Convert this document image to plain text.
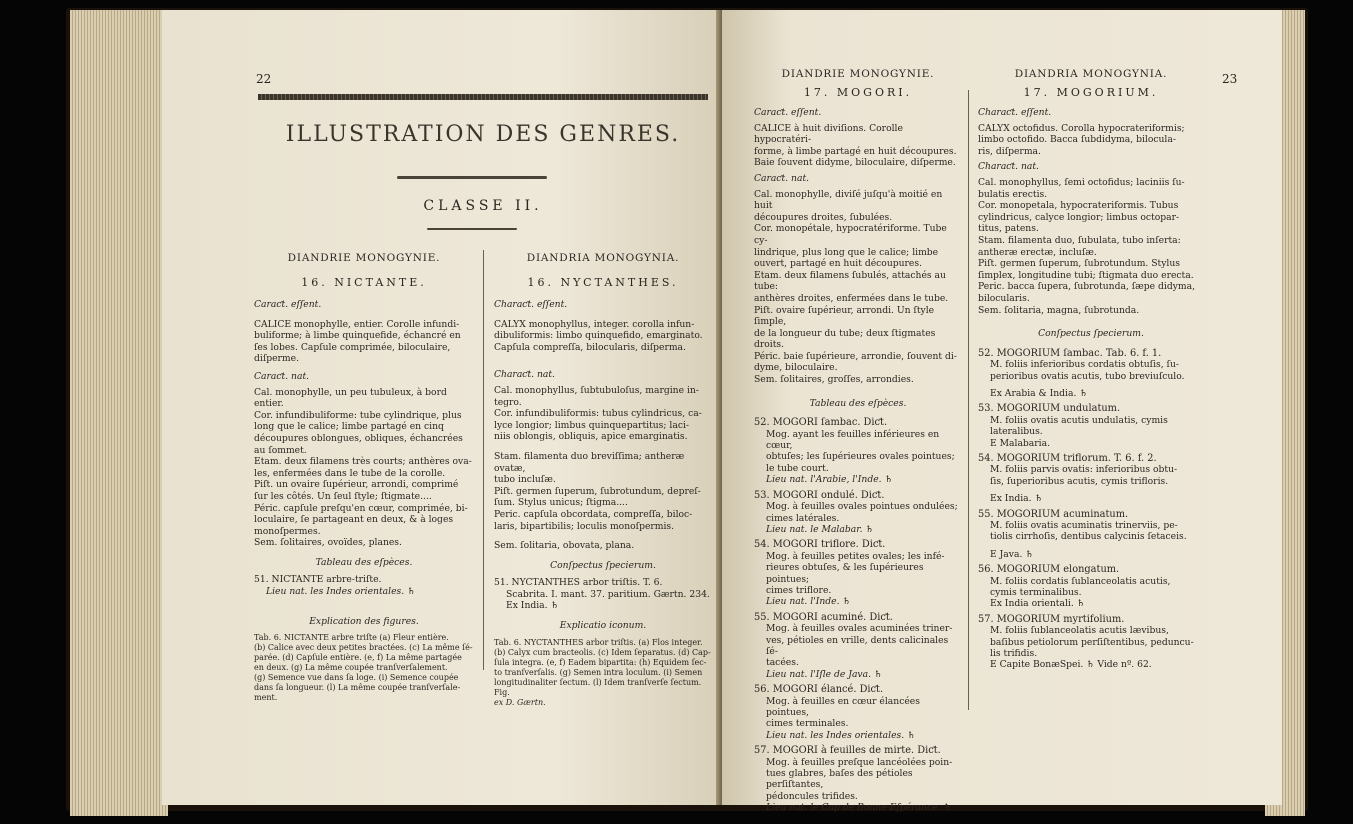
22
ILLUSTRATION DES GENRES.
CLASSE II.
DIANDRIE MONOGYNIE.
16. NICTANTE.
Caraƈt. eſſent.
CALICE monophylle, entier. Corolle infundi-
buliforme; à limbe quinquefide, échancré en
ſes lobes. Capſule comprimée, biloculaire,
diſperme.
Caraƈt. nat.
Cal. monophylle, un peu tubuleux, à bord
entier.
Cor. infundibuliforme: tube cylindrique, plus
long que le calice; limbe partagé en cinq
découpures oblongues, obliques, échancrées
au ſommet.
Etam. deux filamens très courts; anthères ova-
les, enfermées dans le tube de la corolle.
Piſt. un ovaire ſupérieur, arrondi, comprimé
ſur les côtés. Un ſeul ſtyle; ſtigmate....
Péric. capſule preſqu'en cœur, comprimée, bi-
loculaire, ſe partageant en deux, & à loges
monoſpermes.
Sem. ſolitaires, ovoïdes, planes.
Tableau des eſpèces.
51. NICTANTE arbre-triſte.
Lieu nat. les Indes orientales. ♄
Explication des figures.
Tab. 6. NICTANTE arbre triſte (a) Fleur entière.
(b) Calice avec deux petites bractées. (c) La même ſé-
parée. (d) Capſule entière. (e, f) La même partagée
en deux. (g) La même coupée tranſverſalement.
(g) Semence vue dans ſa loge. (i) Semence coupée
dans ſa longueur. (l) La même coupée tranſverſale-
ment.
DIANDRIA MONOGYNIA.
16. NYCTANTHES.
Charaƈt. eſſent.
CALYX monophyllus, integer. corolla infun-
dibuliformis: limbo quinquefido, emarginato.
Capſula compreſſa, bilocularis, diſperma.
Charaƈt. nat.
Cal. monophyllus, ſubtubuloſus, margine in-
tegro.
Cor. infundibuliformis: tubus cylindricus, ca-
lyce longior; limbus quinquepartitus; laci-
niis oblongis, obliquis, apice emarginatis.
Stam. filamenta duo breviſſima; antheræ ovatæ,
tubo incluſæ.
Piſt. germen ſuperum, ſubrotundum, depreſ-
ſum. Stylus unicus; ſtigma....
Peric. capſula obcordata, compreſſa, biloc-
laris, bipartibilis; loculis monoſpermis.
Sem. ſolitaria, obovata, plana.
Conſpectus ſpecierum.
51. NYCTANTHES arbor triſtis. T. 6.
Scabrita. I. mant. 37. paritium. Gærtn. 234.
Ex India. ♄
Explicatio iconum.
Tab. 6. NYCTANTHES arbor triſtis. (a) Flos integer.
(b) Calyx cum bracteolis. (c) Idem ſeparatus. (d) Cap-
ſula integra. (e, f) Eadem bipartita: (h) Equidem ſec-
to tranſverſalis. (g) Semen intra loculum. (i) Semen
longitudinaliter ſectum. (l) Idem tranſverſe ſectum. Fig.
ex D. Gærtn.
23
DIANDRIE MONOGYNIE.
17. MOGORI.
Caraƈt. eſſent.
CALICE à huit diviſions. Corolle hypocratéri-
forme, à limbe partagé en huit découpures.
Baie ſouvent didyme, biloculaire, diſperme.
Caraƈt. nat.
Cal. monophylle, diviſé juſqu'à moitié en huit
découpures droites, ſubulées.
Cor. monopétale, hypocratériforme. Tube cy-
lindrique, plus long que le calice; limbe
ouvert, partagé en huit découpures.
Etam. deux filamens ſubulés, attachés au tube:
anthères droites, enfermées dans le tube.
Piſt. ovaire ſupérieur, arrondi. Un ſtyle ſimple,
de la longueur du tube; deux ſtigmates droits.
Péric. baie ſupérieure, arrondie, ſouvent di-
dyme, biloculaire.
Sem. ſolitaires, groſſes, arrondies.
Tableau des eſpèces.
52. MOGORI ſambac. Diƈt.
Mog. ayant les feuilles inférieures en cœur,
obtuſes; les ſupérieures ovales pointues;
le tube court.
Lieu nat. l'Arabie, l'Inde. ♄
53. MOGORI ondulé. Diƈt.
Mog. à feuilles ovales pointues ondulées;
cimes latérales.
Lieu nat. le Malabar. ♄
54. MOGORI triflore. Diƈt.
Mog. à feuilles petites ovales; les infé-
rieures obtuſes, & les ſupérieures pointues;
cimes triflore.
Lieu nat. l'Inde. ♄
55. MOGORI acuminé. Diƈt.
Mog. à feuilles ovales acuminées triner-
ves, pétioles en vrille, dents calicinales ſé-
tacées.
Lieu nat. l'Iſle de Java. ♄
56. MOGORI élancé. Diƈt.
Mog. à feuilles en cœur élancées pointues,
cimes terminales.
Lieu nat. les Indes orientales. ♄
57. MOGORI à feuilles de mirte. Diƈt.
Mog. à feuilles preſque lancéolées poin-
tues glabres, baſes des pétioles perſiſtantes,
pédoncules trifides.
Lieu nat. le Cap de Bonne-Eſpérance. ♄
DIANDRIA MONOGYNIA.
17. MOGORIUM.
Charaƈt. eſſent.
CALYX octofidus. Corolla hypocrateriformis;
limbo octofido. Bacca ſubdidyma, bilocula-
ris, diſperma.
Charaƈt. nat.
Cal. monophyllus, ſemi octofidus; laciniis ſu-
bulatis erectis.
Cor. monopetala, hypocrateriformis. Tubus
cylindricus, calyce longior; limbus octopar-
titus, patens.
Stam. filamenta duo, ſubulata, tubo inſerta:
antheræ erectæ, incluſæ.
Piſt. germen ſuperum, ſubrotundum. Stylus
ſimplex, longitudine tubi; ſtigmata duo erecta.
Peric. bacca ſupera, ſubrotunda, ſæpe didyma,
bilocularis.
Sem. ſolitaria, magna, ſubrotunda.
Conſpectus ſpecierum.
52. MOGORIUM ſambac. Tab. 6. f. 1.
M. foliis inferioribus cordatis obtuſis, ſu-
perioribus ovatis acutis, tubo breviuſculo.
Ex Arabia & India. ♄
53. MOGORIUM undulatum.
M. foliis ovatis acutis undulatis, cymis
lateralibus.
E Malabaria.
54. MOGORIUM triflorum. T. 6. f. 2.
M. foliis parvis ovatis: inferioribus obtu-
ſis, ſuperioribus acutis, cymis trifloris.
Ex India. ♄
55. MOGORIUM acuminatum.
M. foliis ovatis acuminatis trinerviis, pe-
tiolis cirrhoſis, dentibus calycinis ſetaceis.
E Java. ♄
56. MOGORIUM elongatum.
M. foliis cordatis ſublanceolatis acutis,
cymis terminalibus.
Ex India orientali. ♄
57. MOGORIUM myrtifolium.
M. foliis ſublanceolatis acutis lævibus,
baſibus petiolorum perſiſtentibus, peduncu-
lis trifidis.
E Capite BonæSpei. ♄ Vide nº. 62.
